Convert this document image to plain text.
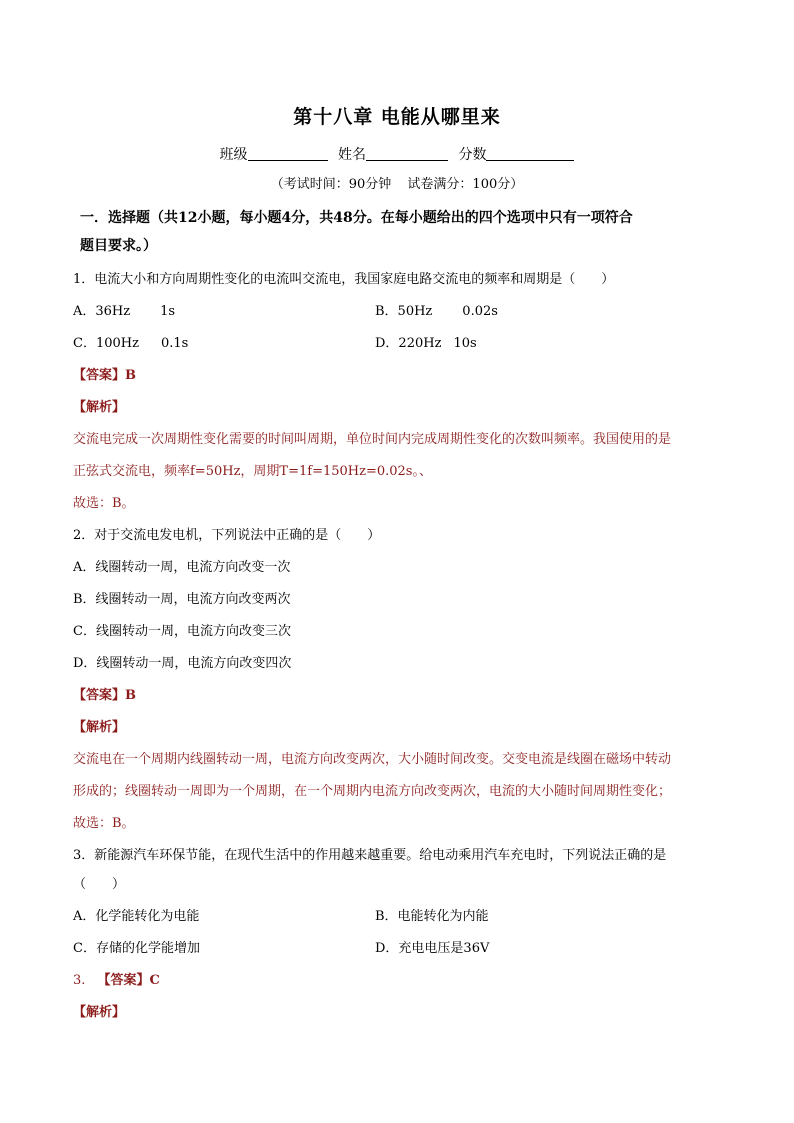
第十八章 电能从哪里来
班级	姓名	分数
（考试时间：90分钟 试卷满分：100分）
一．选择题（共12小题，每小题4分，共48分。在每小题给出的四个选项中只有一项符合
题目要求。）
1．电流大小和方向周期性变化的电流叫交流电，我国家庭电路交流电的频率和周期是（　　）
A．36Hz 1s	B．50Hz 0.02s
C．100Hz 0.1s	D．220Hz 10s
【答案】B
【解析】
交流电完成一次周期性变化需要的时间叫周期，单位时间内完成周期性变化的次数叫频率。我国使用的是
正弦式交流电，频率f=50Hz，周期T=1f=150Hz=0.02s。、
故选：B。
2．对于交流电发电机，下列说法中正确的是（　　）
A．线圈转动一周，电流方向改变一次
B．线圈转动一周，电流方向改变两次
C．线圈转动一周，电流方向改变三次
D．线圈转动一周，电流方向改变四次
【答案】B
【解析】
交流电在一个周期内线圈转动一周，电流方向改变两次，大小随时间改变。交变电流是线圈在磁场中转动
形成的；线圈转动一周即为一个周期，在一个周期内电流方向改变两次，电流的大小随时间周期性变化；
故选：B。
3．新能源汽车环保节能，在现代生活中的作用越来越重要。给电动乘用汽车充电时，下列说法正确的是
（　　）
A．化学能转化为电能	B．电能转化为内能
C．存储的化学能增加	D．充电电压是36V
3. 【答案】C
【解析】
